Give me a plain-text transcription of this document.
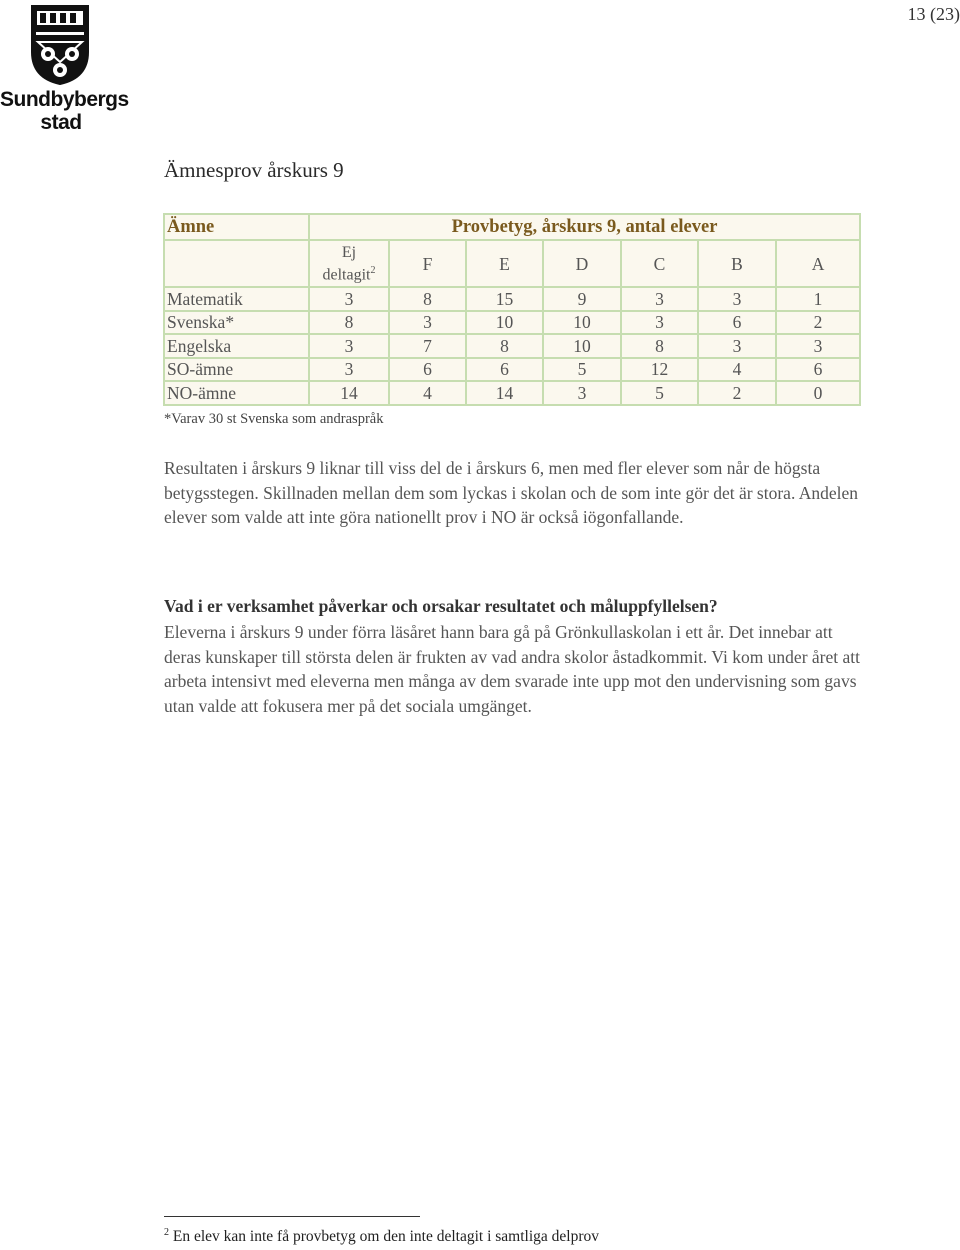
Sundbybergs
stad
13 (23)
Ämnesprov årskurs 9
Ämne	Provbetyg, årskurs 9, antal elever						
	Ej
deltagit$^2$	F	E	D	C	B	A
Matematik	3	8	15	9	3	3	1
Svenska*	8	3	10	10	3	6	2
Engelska	3	7	8	10	8	3	3
SO-ämne	3	6	6	5	12	4	6
NO-ämne	14	4	14	3	5	2	0
*Varav 30 st Svenska som andraspråk
Resultaten i årskurs 9 liknar till viss del de i årskurs 6, men med fler elever som når de högsta betygsstegen. Skillnaden mellan dem som lyckas i skolan och de som inte gör det är stora. Andelen elever som valde att inte göra nationellt prov i NO är också iögonfallande.
Vad i er verksamhet påverkar och orsakar resultatet och måluppfyllelsen?
Eleverna i årskurs 9 under förra läsåret hann bara gå på Grönkullaskolan i ett år. Det innebar att deras kunskaper till största delen är frukten av vad andra skolor åstadkommit. Vi kom under året att arbeta intensivt med eleverna men många av dem svarade inte upp mot den undervisning som gavs utan valde att fokusera mer på det sociala umgänget.
$^2$ En elev kan inte få provbetyg om den inte deltagit i samtliga delprov
